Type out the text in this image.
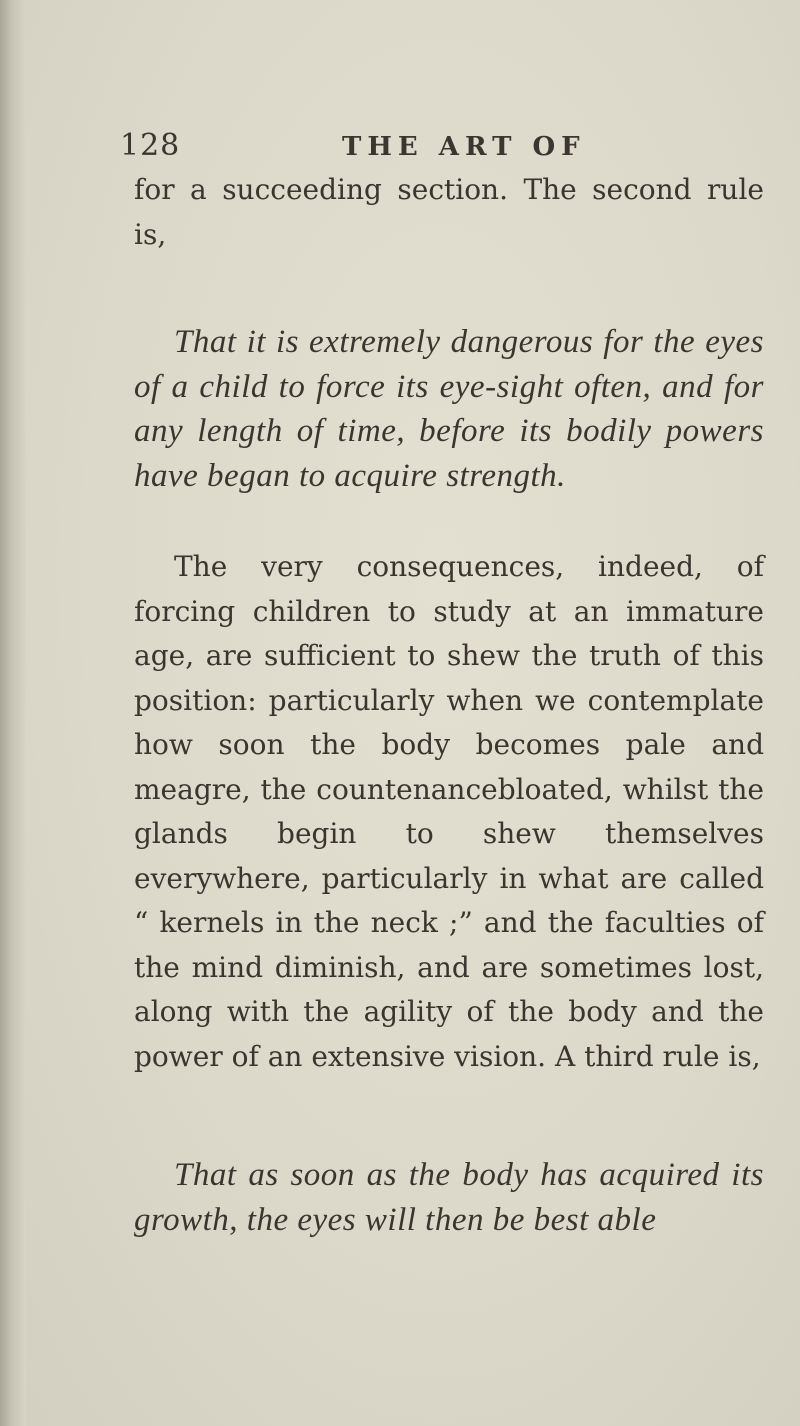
128	THE ART OF

for a succeeding section. The second rule is,

That it is extremely dangerous for the eyes of a child to force its eye-sight often, and for any length of time, before its bodily powers have began to acquire strength.

The very consequences, indeed, of forcing children to study at an immature age, are sufficient to shew the truth of this position: particularly when we contemplate how soon the body becomes pale and meagre, the countenancebloated, whilst the glands begin to shew themselves everywhere, particularly in what are called “ kernels in the neck ;” and the faculties of the mind diminish, and are sometimes lost, along with the agility of the body and the power of an extensive vision. A third rule is,

That as soon as the body has acquired its growth, the eyes will then be best able
